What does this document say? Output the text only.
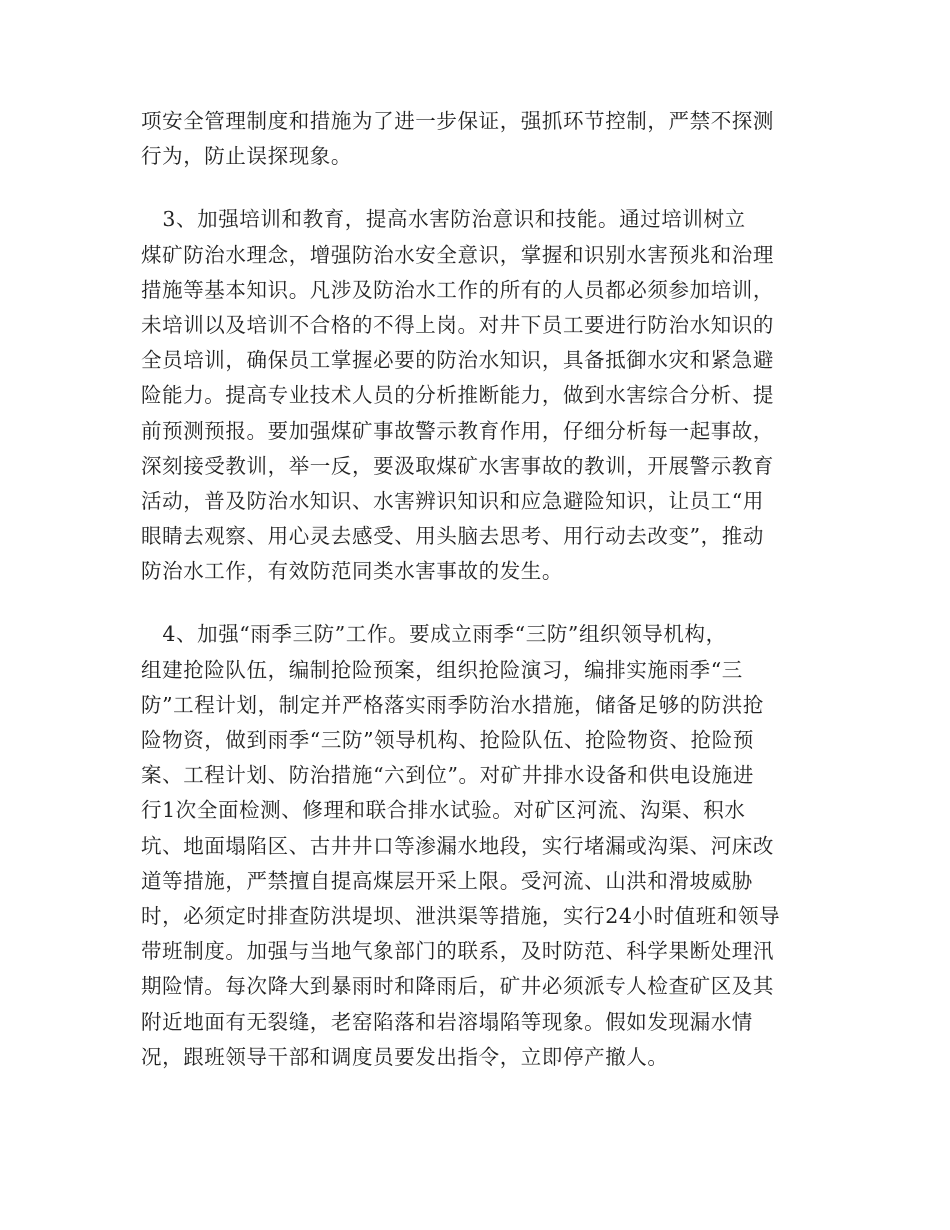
项安全管理制度和措施为了进一步保证，强抓环节控制，严禁不探测
行为，防止误探现象。
3、加强培训和教育，提高水害防治意识和技能。通过培训树立
煤矿防治水理念，增强防治水安全意识，掌握和识别水害预兆和治理
措施等基本知识。凡涉及防治水工作的所有的人员都必须参加培训，
未培训以及培训不合格的不得上岗。对井下员工要进行防治水知识的
全员培训，确保员工掌握必要的防治水知识，具备抵御水灾和紧急避
险能力。提高专业技术人员的分析推断能力，做到水害综合分析、提
前预测预报。要加强煤矿事故警示教育作用，仔细分析每一起事故，
深刻接受教训，举一反，要汲取煤矿水害事故的教训，开展警示教育
活动，普及防治水知识、水害辨识知识和应急避险知识，让员工“用
眼睛去观察、用心灵去感受、用头脑去思考、用行动去改变”，推动
防治水工作，有效防范同类水害事故的发生。
4、加强“雨季三防”工作。要成立雨季“三防”组织领导机构，
组建抢险队伍，编制抢险预案，组织抢险演习，编排实施雨季“三
防”工程计划，制定并严格落实雨季防治水措施，储备足够的防洪抢
险物资，做到雨季“三防”领导机构、抢险队伍、抢险物资、抢险预
案、工程计划、防治措施“六到位”。对矿井排水设备和供电设施进
行1次全面检测、修理和联合排水试验。对矿区河流、沟渠、积水
坑、地面塌陷区、古井井口等渗漏水地段，实行堵漏或沟渠、河床改
道等措施，严禁擅自提高煤层开采上限。受河流、山洪和滑坡威胁
时，必须定时排查防洪堤坝、泄洪渠等措施，实行24小时值班和领导
带班制度。加强与当地气象部门的联系，及时防范、科学果断处理汛
期险情。每次降大到暴雨时和降雨后，矿井必须派专人检查矿区及其
附近地面有无裂缝，老窑陷落和岩溶塌陷等现象。假如发现漏水情
况，跟班领导干部和调度员要发出指令，立即停产撤人。
